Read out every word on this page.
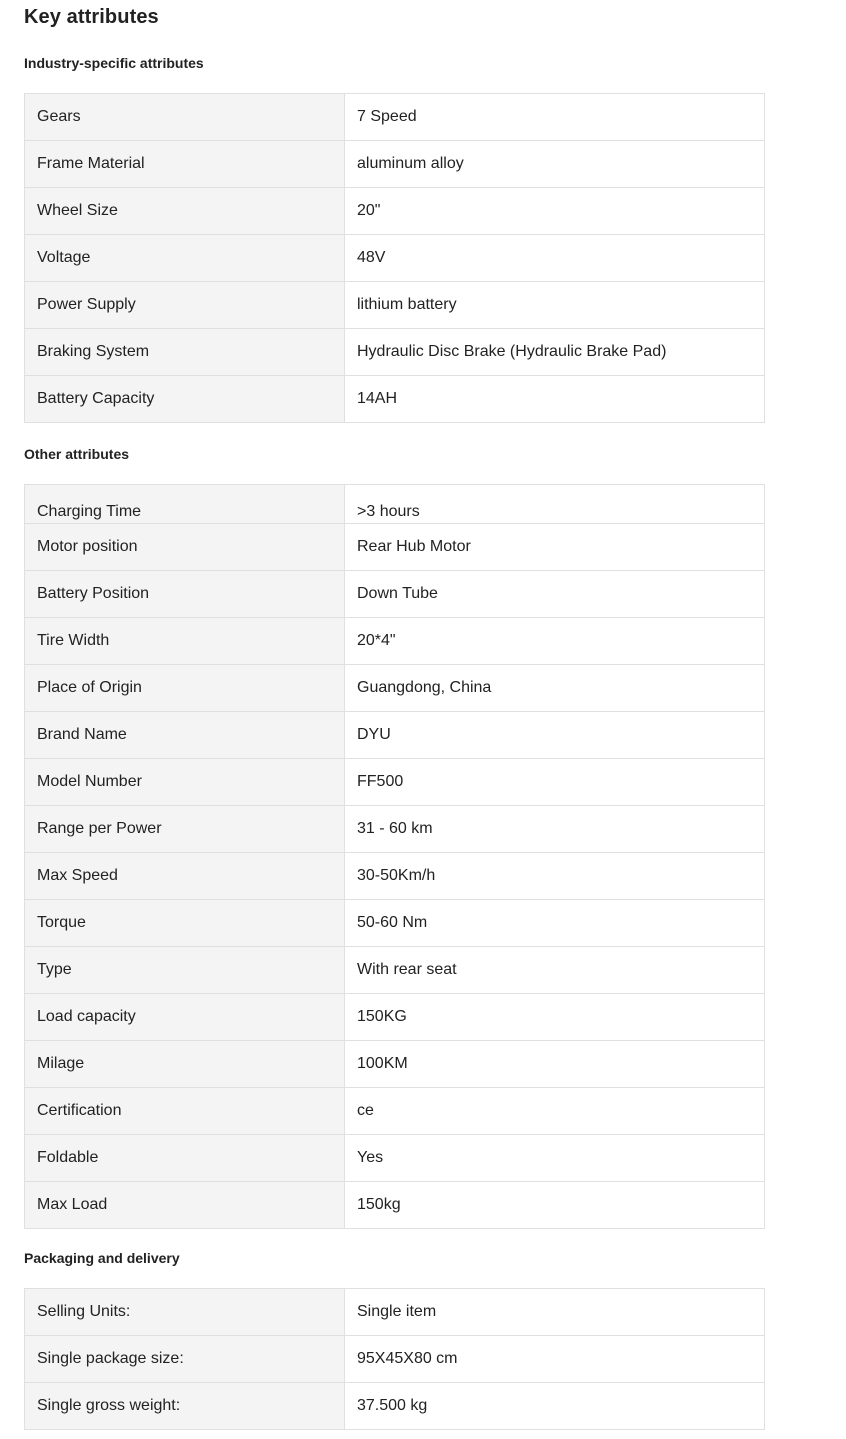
Key attributes
Industry-specific attributes
Gears	7 Speed
Frame Material	aluminum alloy
Wheel Size	20"
Voltage	48V
Power Supply	lithium battery
Braking System	Hydraulic Disc Brake (Hydraulic Brake Pad)
Battery Capacity	14AH
Other attributes
Charging Time	>3 hours
Motor position	Rear Hub Motor
Battery Position	Down Tube
Tire Width	20*4"
Place of Origin	Guangdong, China
Brand Name	DYU
Model Number	FF500
Range per Power	31 - 60 km
Max Speed	30-50Km/h
Torque	50-60 Nm
Type	With rear seat
Load capacity	150KG
Milage	100KM
Certification	ce
Foldable	Yes
Max Load	150kg
Packaging and delivery
Selling Units:	Single item
Single package size:	95X45X80 cm
Single gross weight:	37.500 kg
